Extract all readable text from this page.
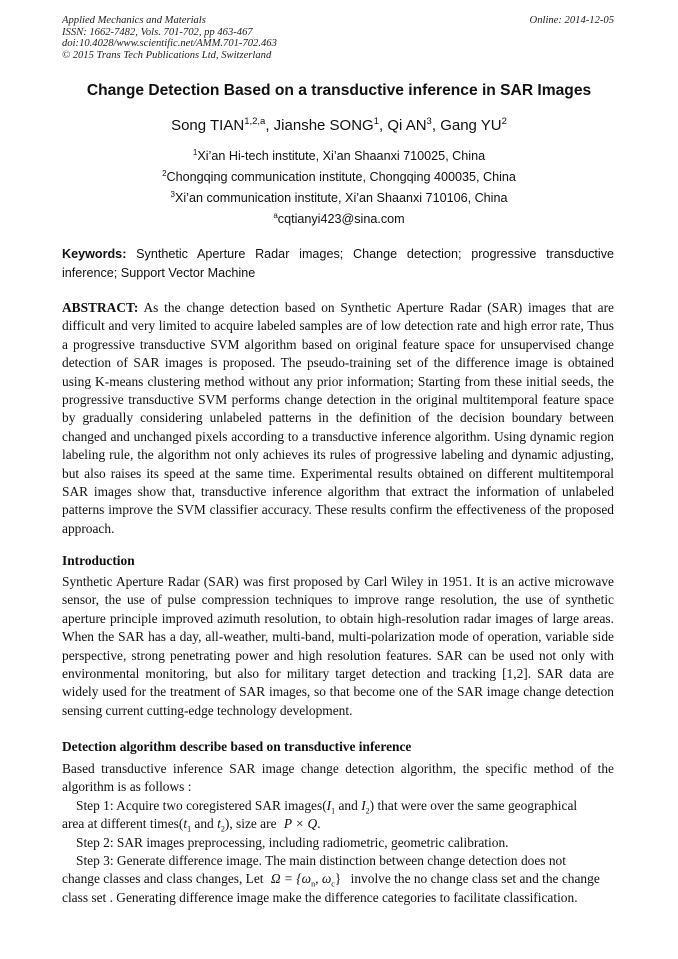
Applied Mechanics and Materials
ISSN: 1662-7482, Vols. 701-702, pp 463-467
doi:10.4028/www.scientific.net/AMM.701-702.463
© 2015 Trans Tech Publications Ltd, Switzerland
Online: 2014-12-05
Change Detection Based on a transductive inference in SAR Images
Song TIAN$^{1,2,a}$, Jianshe SONG$^1$, Qi $AN^3$, Gang $YU^2$
$^1$Xi’an Hi-tech institute, Xi’an Shaanxi 710025, China
$^2$Chongqing communication institute, Chongqing 400035, China
$^3$Xi’an communication institute, Xi’an Shaanxi 710106, China
$^a$cqtianyi423@sina.com
Keywords: Synthetic Aperture Radar images; Change detection; progressive transductive inference; Support Vector Machine
ABSTRACT: As the change detection based on Synthetic Aperture Radar (SAR) images that are difficult and very limited to acquire labeled samples are of low detection rate and high error rate, Thus a progressive transductive SVM algorithm based on original feature space for unsupervised change detection of SAR images is proposed. The pseudo-training set of the difference image is obtained using K-means clustering method without any prior information; Starting from these initial seeds, the progressive transductive SVM performs change detection in the original multitemporal feature space by gradually considering unlabeled patterns in the definition of the decision boundary between changed and unchanged pixels according to a transductive inference algorithm. Using dynamic region labeling rule, the algorithm not only achieves its rules of progressive labeling and dynamic adjusting, but also raises its speed at the same time. Experimental results obtained on different multitemporal SAR images show that, transductive inference algorithm that extract the information of unlabeled patterns improve the SVM classifier accuracy. These results confirm the effectiveness of the proposed approach.
Introduction
Synthetic Aperture Radar (SAR) was first proposed by Carl Wiley in 1951. It is an active microwave sensor, the use of pulse compression techniques to improve range resolution, the use of synthetic aperture principle improved azimuth resolution, to obtain high-resolution radar images of large areas. When the SAR has a day, all-weather, multi-band, multi-polarization mode of operation, variable side perspective, strong penetrating power and high resolution features. SAR can be used not only with environmental monitoring, but also for military target detection and tracking [1,2]. SAR data are widely used for the treatment of SAR images, so that become one of the SAR image change detection sensing current cutting-edge technology development.
Detection algorithm describe based on transductive inference
Based transductive inference SAR image change detection algorithm, the specific method of the algorithm is as follows :
Step 1: Acquire two coregistered SAR $images(I_1$ and $I_2$) that were over the same geographical
area at different $times(t_1$ and $t_2$), size are P × Q.
Step 2: SAR images preprocessing, including radiometric, geometric calibration.
Step 3: Generate difference image. The main distinction between change detection does not
change classes and class changes, Let $\Omega = \{\omega_n$, $\omega_c$} involve the no change class set and the change
class set . Generating difference image make the difference categories to facilitate classification.
